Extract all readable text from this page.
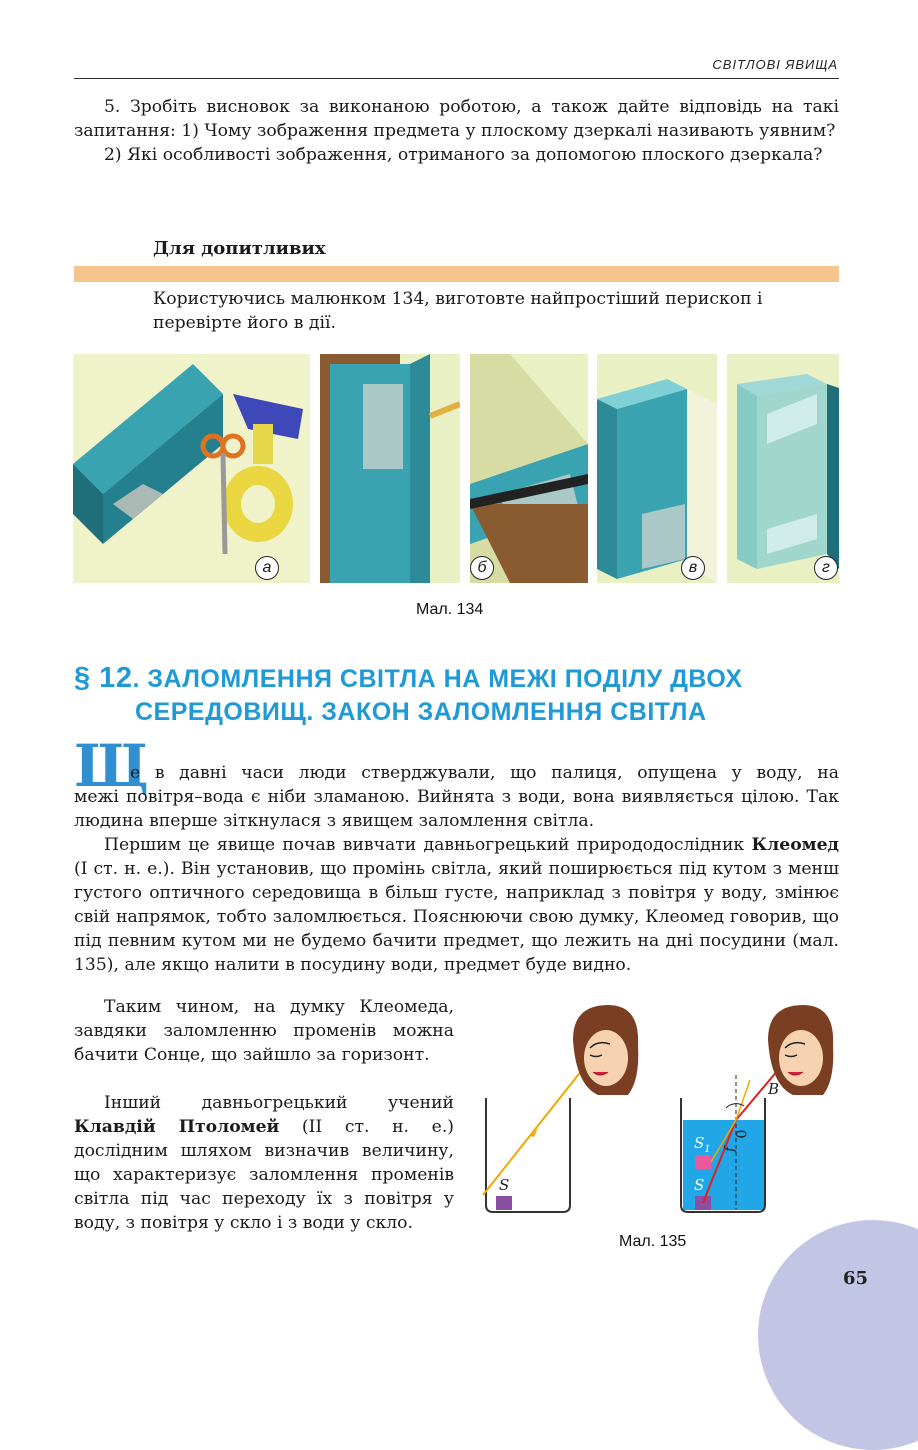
СВІТЛОВІ ЯВИЩА
5. Зробіть висновок за виконаною роботою, а також дайте відповідь на такі запитання: 1) Чому зображення предмета у плоскому дзеркалі називають уявним?
2) Які особливості зображення, отриманого за допомогою плоского дзеркала?
Для допитливих
Користуючись малюнком 134, виготовте найпростіший перископ і перевірте його в дії.
а	б	в	г
Мал. 134
§ 12. ЗАЛОМЛЕННЯ СВІТЛА НА МЕЖІ ПОДІЛУ ДВОХ
СЕРЕДОВИЩ. ЗАКОН ЗАЛОМЛЕННЯ СВІТЛА
Щ
е в давні часи люди стверджували, що палиця, опущена у воду, на
межі повітря–вода є ніби зламаною. Вийнята з води, вона виявляється цілою. Так людина вперше зіткнулася з явищем заломлення світла.
Першим це явище почав вивчати давньогрецький природодослідник Клеомед (І ст. н. е.). Він установив, що промінь світла, який поширюється під кутом з менш густого оптичного середовища в більш густе, наприклад з повітря у воду, змінює свій напрямок, тобто заломлюється. Пояснюючи свою думку, Клеомед говорив, що під певним кутом ми не будемо бачити предмет, що лежить на дні посудини (мал. 135), але якщо налити в посудину води, предмет буде видно.
Таким чином, на думку Клеомеда, завдяки заломленню променів можна бачити Сонце, що зайшло за горизонт.
Інший давньогрецький учений Клавдій Птоломей (ІІ ст. н. е.) дослідним шляхом визначив величину, що характеризує заломлення променів світла під час переходу їх з повітря у воду, з повітря у скло і з води у скло.
S
$S_1$
S
B
0
f
Мал. 135
65
